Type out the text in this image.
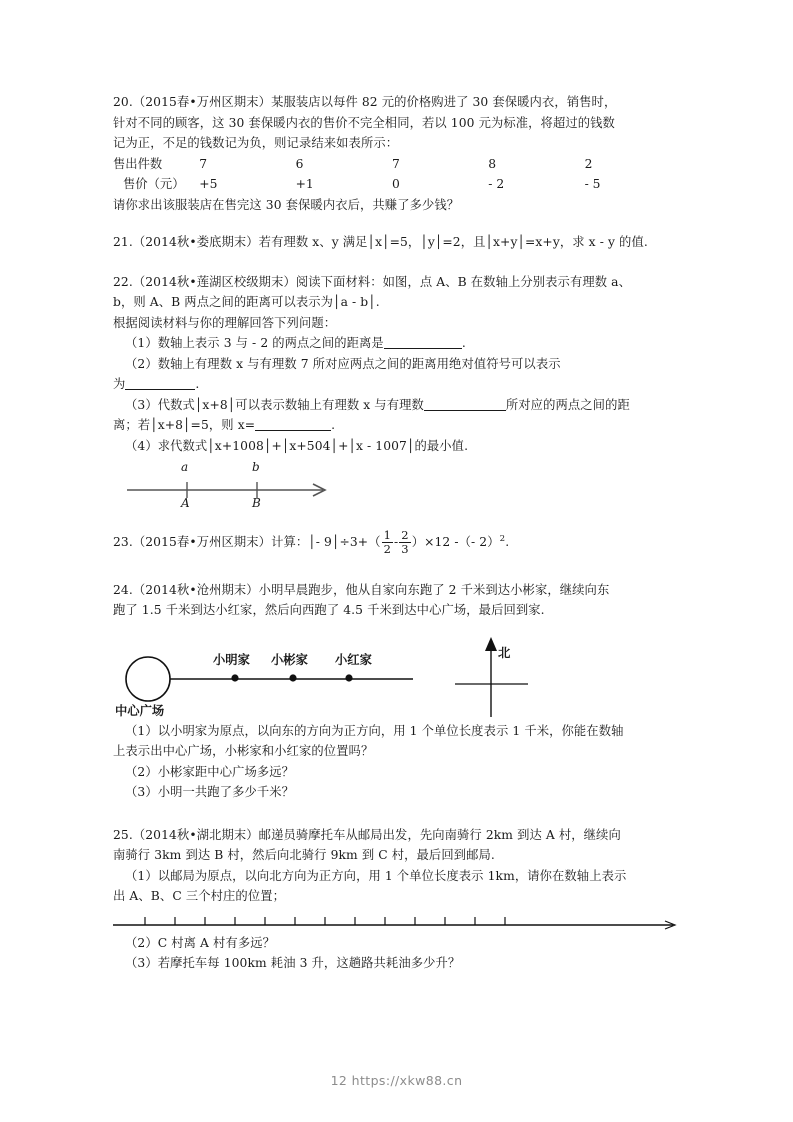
20.（2015春•万州区期末）某服装店以每件 82 元的价格购进了 30 套保暖内衣，销售时，
针对不同的顾客，这 30 套保暖内衣的售价不完全相同，若以 100 元为标准，将超过的钱数
记为正，不足的钱数记为负，则记录结来如表所示：
售出件数	7	6	7	8	2
售价（元）	+5	+1	0	- 2	- 5
请你求出该服装店在售完这 30 套保暖内衣后，共赚了多少钱？
21.（2014秋•娄底期末）若有理数 x、y 满足│x│=5，│y│=2，且│x+y│=x+y，求 x - y 的值.
22.（2014秋•莲湖区校级期末）阅读下面材料：如图，点 A、B 在数轴上分别表示有理数 a、
b，则 A、B 两点之间的距离可以表示为│a - b│.
根据阅读材料与你的理解回答下列问题：
（1）数轴上表示 3 与 - 2 的两点之间的距离是	.
（2）数轴上有理数 x 与有理数 7 所对应两点之间的距离用绝对值符号可以表示
为	.
（3）代数式│x+8│可以表示数轴上有理数 x 与有理数	所对应的两点之间的距
离；若│x+8│=5，则 x=	.
（4）求代数式│x+1008│+│x+504│+│x - 1007│的最小值.
a	b
A	B
23.（2015春•万州区期末）计算：│- 9│÷3+（ $\frac{1}{2} - \frac{2}{3} )\times 12$ -（- 2）$^2$.
24.（2014秋•沧州期末）小明早晨跑步，他从自家向东跑了 2 千米到达小彬家，继续向东
跑了 1.5 千米到达小红家，然后向西跑了 4.5 千米到达中心广场，最后回到家.
小明家 小彬家 小红家
中心广场
北
（1）以小明家为原点，以向东的方向为正方向，用 1 个单位长度表示 1 千米，你能在数轴
上表示出中心广场，小彬家和小红家的位置吗？
（2）小彬家距中心广场多远？
（3）小明一共跑了多少千米？
25.（2014秋•湖北期末）邮递员骑摩托车从邮局出发，先向南骑行 2km 到达 A 村，继续向
南骑行 3km 到达 B 村，然后向北骑行 9km 到 C 村，最后回到邮局.
（1）以邮局为原点，以向北方向为正方向，用 1 个单位长度表示 1km，请你在数轴上表示
出 A、B、C 三个村庄的位置；
（2）C 村离 A 村有多远？
（3）若摩托车每 100km 耗油 3 升，这趟路共耗油多少升？
12 https://xkw88.cn
